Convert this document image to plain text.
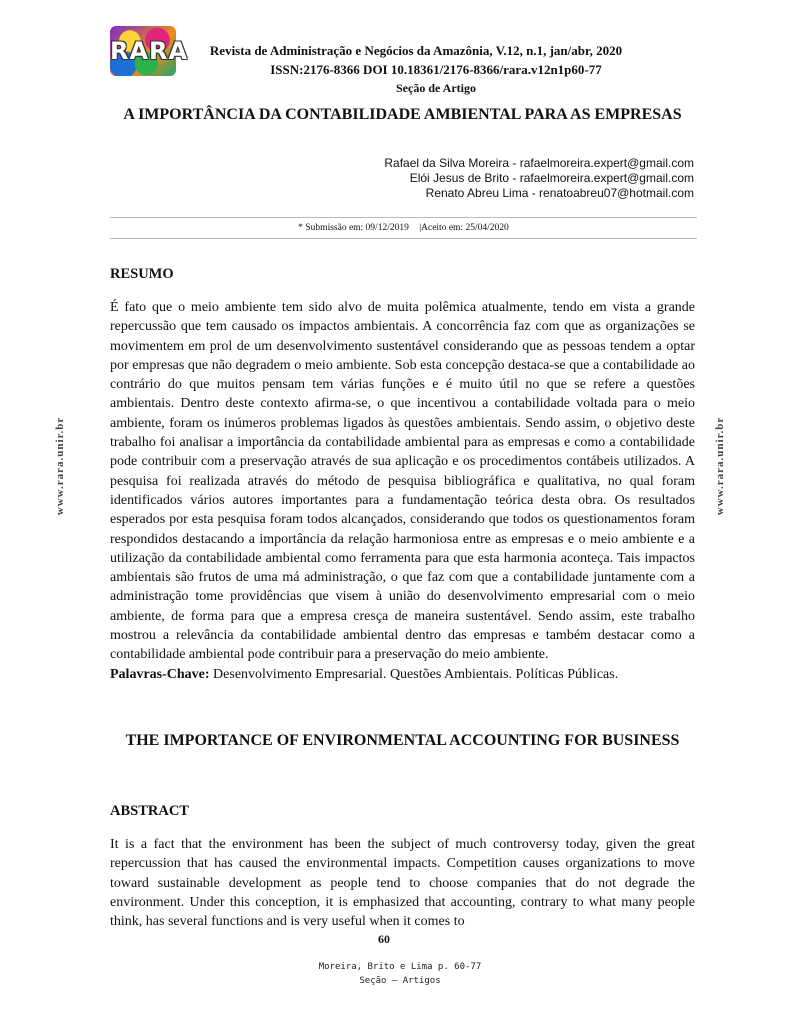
RARA	Revista de Administração e Negócios da Amazônia, V.12, n.1, jan/abr, 2020
ISSN:2176-8366 DOI 10.18361/2176-8366/rara.v12n1p60-77
Seção de Artigo
A IMPORTÂNCIA DA CONTABILIDADE AMBIENTAL PARA AS EMPRESAS
Rafael da Silva Moreira - rafaelmoreira.expert@gmail.com
Elói Jesus de Brito - rafaelmoreira.expert@gmail.com
Renato Abreu Lima - renatoabreu07@hotmail.com
* Submissão em: 09/12/2019 |Aceito em: 25/04/2020
RESUMO

É fato que o meio ambiente tem sido alvo de muita polêmica atualmente, tendo em vista a grande repercussão que tem causado os impactos ambientais. A concorrência faz com que as organizações se movimentem em prol de um desenvolvimento sustentável considerando que as pessoas tendem a optar por empresas que não degradem o meio ambiente. Sob esta concepção destaca-se que a contabilidade ao contrário do que muitos pensam tem várias funções e é muito útil no que se refere a questões ambientais. Dentro deste contexto afirma-se, o que incentivou a contabilidade voltada para o meio ambiente, foram os inúmeros problemas ligados às questões ambientais. Sendo assim, o objetivo deste trabalho foi analisar a importância da contabilidade ambiental para as empresas e como a contabilidade pode contribuir com a preservação através de sua aplicação e os procedimentos contábeis utilizados. A pesquisa foi realizada através do método de pesquisa bibliográfica e qualitativa, no qual foram identificados vários autores importantes para a fundamentação teórica desta obra. Os resultados esperados por esta pesquisa foram todos alcançados, considerando que todos os questionamentos foram respondidos destacando a importância da relação harmoniosa entre as empresas e o meio ambiente e a utilização da contabilidade ambiental como ferramenta para que esta harmonia aconteça. Tais impactos ambientais são frutos de uma má administração, o que faz com que a contabilidade juntamente com a administração tome providências que visem à união do desenvolvimento empresarial com o meio ambiente, de forma para que a empresa cresça de maneira sustentável. Sendo assim, este trabalho mostrou a relevância da contabilidade ambiental dentro das empresas e também destacar como a contabilidade ambiental pode contribuir para a preservação do meio ambiente.

Palavras-Chave: Desenvolvimento Empresarial. Questões Ambientais. Políticas Públicas.
THE IMPORTANCE OF ENVIRONMENTAL ACCOUNTING FOR BUSINESS
ABSTRACT

It is a fact that the environment has been the subject of much controversy today, given the great repercussion that has caused the environmental impacts. Competition causes organizations to move toward sustainable development as people tend to choose companies that do not degrade the environment. Under this conception, it is emphasized that accounting, contrary to what many people think, has several functions and is very useful when it comes to

www.rara.unir.br	www.rara.unir.br
60
Moreira, Brito e Lima p. 60-77
Seção — Artigos
